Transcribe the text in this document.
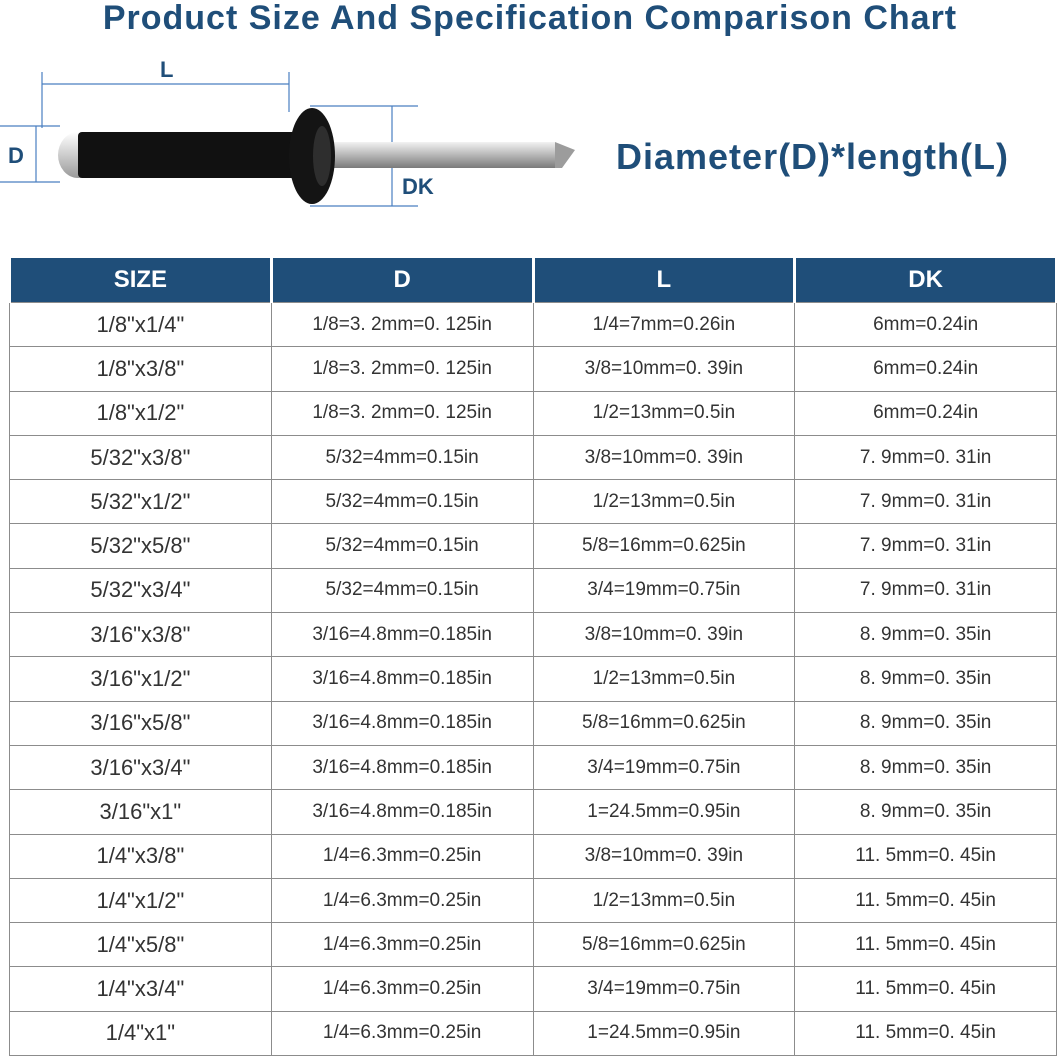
Product Size And Specification Comparison Chart
L
D
DK
Diameter(D)*length(L)
SIZE	D	L	DK
1/8"x1/4"	1/8=3. 2mm=0. 125in	1/4=7mm=0.26in	6mm=0.24in
1/8"x3/8"	1/8=3. 2mm=0. 125in	3/8=10mm=0. 39in	6mm=0.24in
1/8"x1/2"	1/8=3. 2mm=0. 125in	1/2=13mm=0.5in	6mm=0.24in
5/32"x3/8"	5/32=4mm=0.15in	3/8=10mm=0. 39in	7. 9mm=0. 31in
5/32"x1/2"	5/32=4mm=0.15in	1/2=13mm=0.5in	7. 9mm=0. 31in
5/32"x5/8"	5/32=4mm=0.15in	5/8=16mm=0.625in	7. 9mm=0. 31in
5/32"x3/4"	5/32=4mm=0.15in	3/4=19mm=0.75in	7. 9mm=0. 31in
3/16"x3/8"	3/16=4.8mm=0.185in	3/8=10mm=0. 39in	8. 9mm=0. 35in
3/16"x1/2"	3/16=4.8mm=0.185in	1/2=13mm=0.5in	8. 9mm=0. 35in
3/16"x5/8"	3/16=4.8mm=0.185in	5/8=16mm=0.625in	8. 9mm=0. 35in
3/16"x3/4"	3/16=4.8mm=0.185in	3/4=19mm=0.75in	8. 9mm=0. 35in
3/16"x1"	3/16=4.8mm=0.185in	1=24.5mm=0.95in	8. 9mm=0. 35in
1/4"x3/8"	1/4=6.3mm=0.25in	3/8=10mm=0. 39in	11. 5mm=0. 45in
1/4"x1/2"	1/4=6.3mm=0.25in	1/2=13mm=0.5in	11. 5mm=0. 45in
1/4"x5/8"	1/4=6.3mm=0.25in	5/8=16mm=0.625in	11. 5mm=0. 45in
1/4"x3/4"	1/4=6.3mm=0.25in	3/4=19mm=0.75in	11. 5mm=0. 45in
1/4"x1"	1/4=6.3mm=0.25in	1=24.5mm=0.95in	11. 5mm=0. 45in
